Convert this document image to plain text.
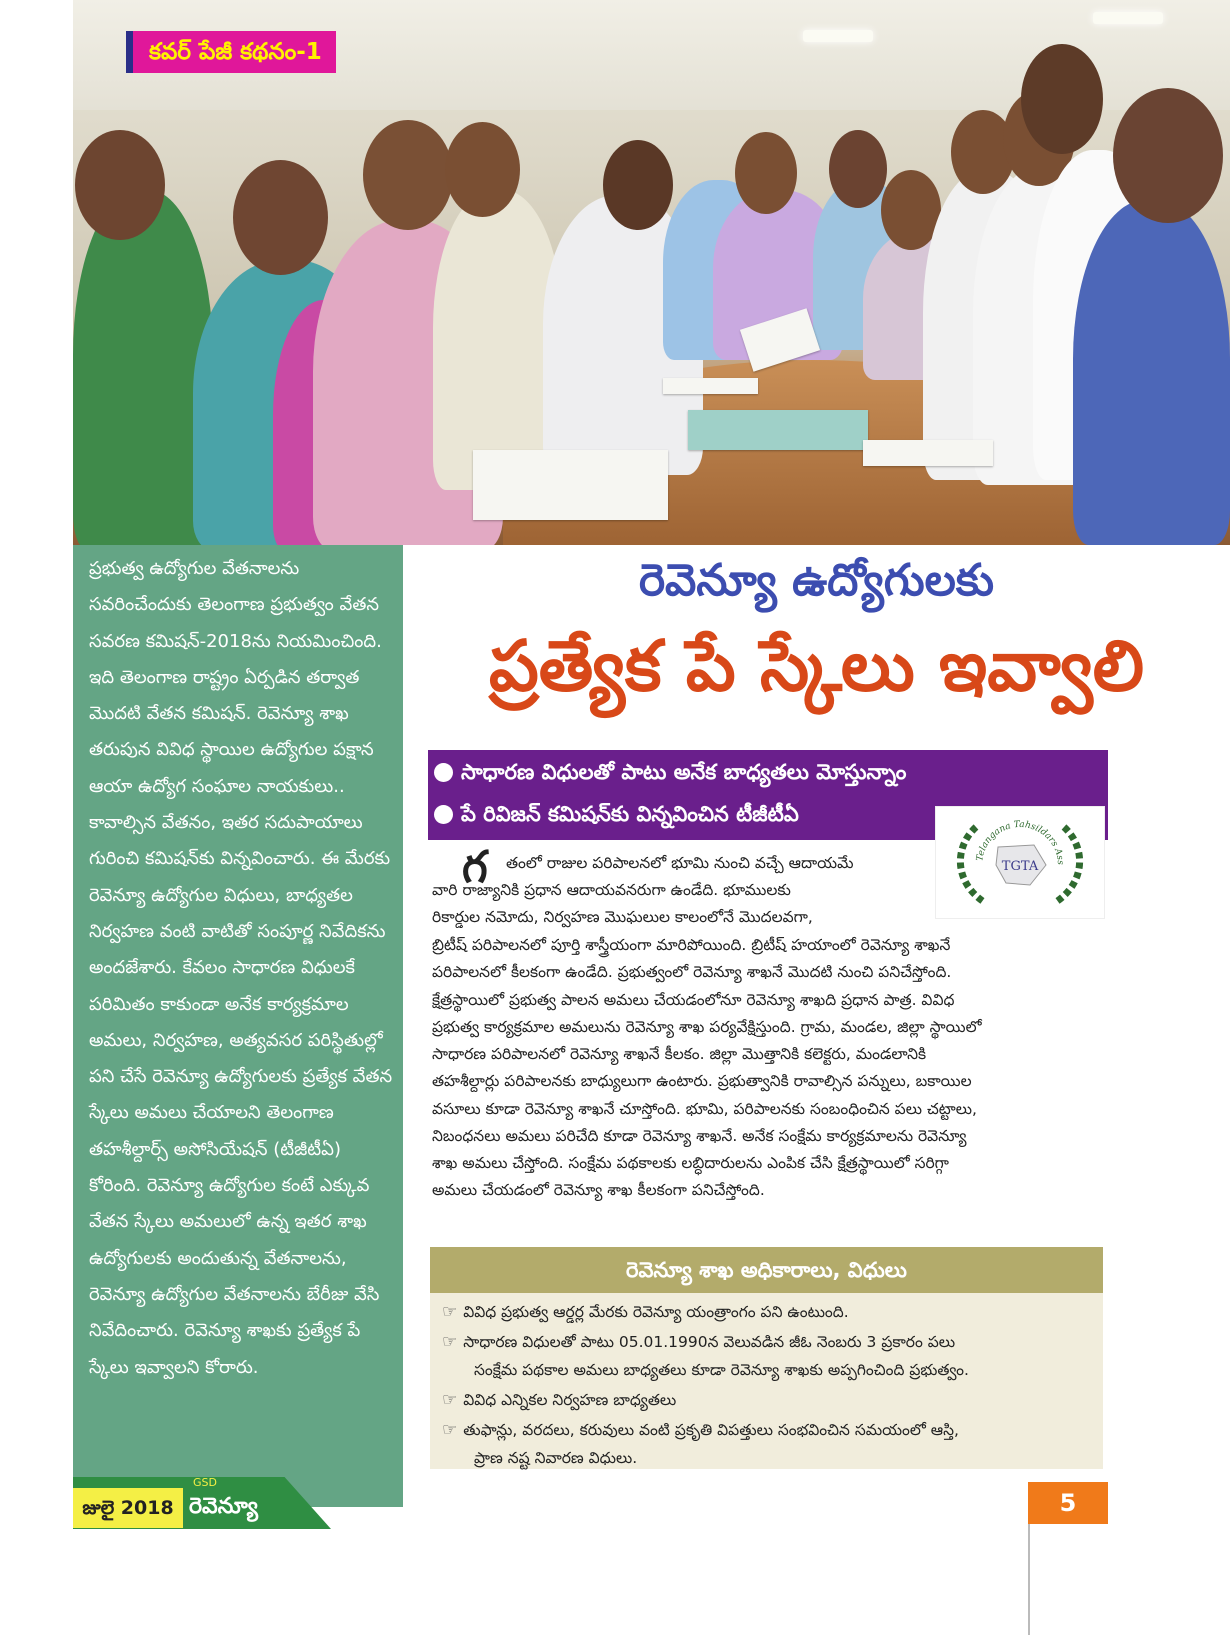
కవర్ పేజీ కథనం-1
ప్రభుత్వ ఉద్యోగుల వేతనాలను సవరించేందుకు తెలంగాణ ప్రభుత్వం వేతన సవరణ కమిషన్-2018ను నియమించింది. ఇది తెలంగాణ రాష్ట్రం ఏర్పడిన తర్వాత మొదటి వేతన కమిషన్. రెవెన్యూ శాఖ తరుపున వివిధ స్థాయిల ఉద్యోగుల పక్షాన ఆయా ఉద్యోగ సంఘాల నాయకులు.. కావాల్సిన వేతనం, ఇతర సదుపాయాలు గురించి కమిషన్‌కు విన్నవించారు. ఈ మేరకు రెవెన్యూ ఉద్యోగుల విధులు, బాధ్యతల నిర్వహణ వంటి వాటితో సంపూర్ణ నివేదికను అందజేశారు. కేవలం సాధారణ విధులకే పరిమితం కాకుండా అనేక కార్యక్రమాల అమలు, నిర్వహణ, అత్యవసర పరిస్థితుల్లో పని చేసే రెవెన్యూ ఉద్యోగులకు ప్రత్యేక వేతన స్కేలు అమలు చేయాలని తెలంగాణ తహశీల్దార్స్ అసోసియేషన్ (టీజీటీఏ) కోరింది. రెవెన్యూ ఉద్యోగుల కంటే ఎక్కువ వేతన స్కేలు అమలులో ఉన్న ఇతర శాఖ ఉద్యోగులకు అందుతున్న వేతనాలను, రెవెన్యూ ఉద్యోగుల వేతనాలను బేరీజు వేసి నివేదించారు. రెవెన్యూ శాఖకు ప్రత్యేక పే స్కేలు ఇవ్వాలని కోరారు.
రెవెన్యూ ఉద్యోగులకు
ప్రత్యేక పే స్కేలు ఇవ్వాలి
సాధారణ విధులతో పాటు అనేక బాధ్యతలు మోస్తున్నాం
పే రివిజన్ కమిషన్‌కు విన్నవించిన టీజీటీఏ
TGTA
Telangana Tahsildars Ass
గ తంలో రాజుల పరిపాలనలో భూమి నుంచి వచ్చే ఆదాయమే
వారి రాజ్యానికి ప్రధాన ఆదాయవనరుగా ఉండేది. భూములకు
రికార్డుల నమోదు, నిర్వహణ మొఘలుల కాలంలోనే మొదలవగా,
బ్రిటీష్ పరిపాలనలో పూర్తి శాస్త్రీయంగా మారిపోయింది. బ్రిటీష్ హయాంలో రెవెన్యూ శాఖనే
పరిపాలనలో కీలకంగా ఉండేది. ప్రభుత్వంలో రెవెన్యూ శాఖనే మొదటి నుంచి పనిచేస్తోంది.
క్షేత్రస్థాయిలో ప్రభుత్వ పాలన అమలు చేయడంలోనూ రెవెన్యూ శాఖది ప్రధాన పాత్ర. వివిధ
ప్రభుత్వ కార్యక్రమాల అమలును రెవెన్యూ శాఖ పర్యవేక్షిస్తుంది. గ్రామ, మండల, జిల్లా స్థాయిలో
సాధారణ పరిపాలనలో రెవెన్యూ శాఖనే కీలకం. జిల్లా మొత్తానికి కలెక్టరు, మండలానికి
తహశీల్దార్లు పరిపాలనకు బాధ్యులుగా ఉంటారు. ప్రభుత్వానికి రావాల్సిన పన్నులు, బకాయిల
వసూలు కూడా రెవెన్యూ శాఖనే చూస్తోంది. భూమి, పరిపాలనకు సంబంధించిన పలు చట్టాలు,
నిబంధనలు అమలు పరిచేది కూడా రెవెన్యూ శాఖనే. అనేక సంక్షేమ కార్యక్రమాలను రెవెన్యూ
శాఖ అమలు చేస్తోంది. సంక్షేమ పథకాలకు లబ్ధిదారులను ఎంపిక చేసి క్షేత్రస్థాయిలో సరిగ్గా
అమలు చేయడంలో రెవెన్యూ శాఖ కీలకంగా పనిచేస్తోంది.
రెవెన్యూ శాఖ అధికారాలు, విధులు
☞ వివిధ ప్రభుత్వ ఆర్డర్ల మేరకు రెవెన్యూ యంత్రాంగం పని ఉంటుంది.
☞ సాధారణ విధులతో పాటు 05.01.1990న వెలువడిన జీఓ నెంబరు 3 ప్రకారం పలు
సంక్షేమ పథకాల అమలు బాధ్యతలు కూడా రెవెన్యూ శాఖకు అప్పగించింది ప్రభుత్వం.
☞ వివిధ ఎన్నికల నిర్వహణ బాధ్యతలు
☞ తుఫాన్లు, వరదలు, కరువులు వంటి ప్రకృతి విపత్తులు సంభవించిన సమయంలో ఆస్తి,
ప్రాణ నష్ట నివారణ విధులు.
జులై 2018
GSD
రెవెన్యూ	5
